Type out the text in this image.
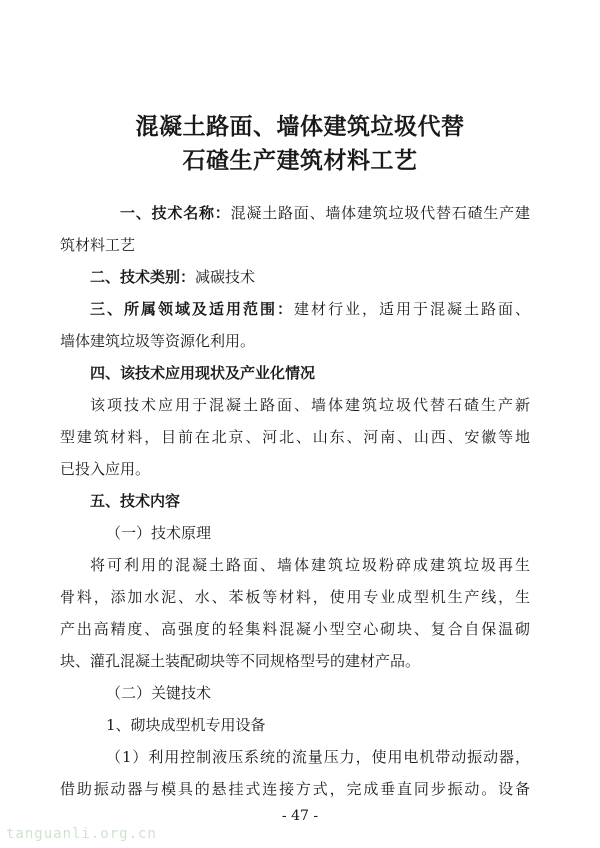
混凝土路面、墙体建筑垃圾代替
石碴生产建筑材料工艺
一、技术名称：混凝土路面、墙体建筑垃圾代替石碴生产建
筑材料工艺
二、技术类别：减碳技术
三、所属领域及适用范围：建材行业，适用于混凝土路面、
墙体建筑垃圾等资源化利用。
四、该技术应用现状及产业化情况
该项技术应用于混凝土路面、墙体建筑垃圾代替石碴生产新
型建筑材料，目前在北京、河北、山东、河南、山西、安徽等地
已投入应用。
五、技术内容
（一）技术原理
将可利用的混凝土路面、墙体建筑垃圾粉碎成建筑垃圾再生
骨料，添加水泥、水、苯板等材料，使用专业成型机生产线，生
产出高精度、高强度的轻集料混凝小型空心砌块、复合自保温砌
块、灌孔混凝土装配砌块等不同规格型号的建材产品。
（二）关键技术
1、砌块成型机专用设备
（1）利用控制液压系统的流量压力，使用电机带动振动器，
借助振动器与模具的悬挂式连接方式，完成垂直同步振动。设备
- 47 -
tanguanli.org.cn
